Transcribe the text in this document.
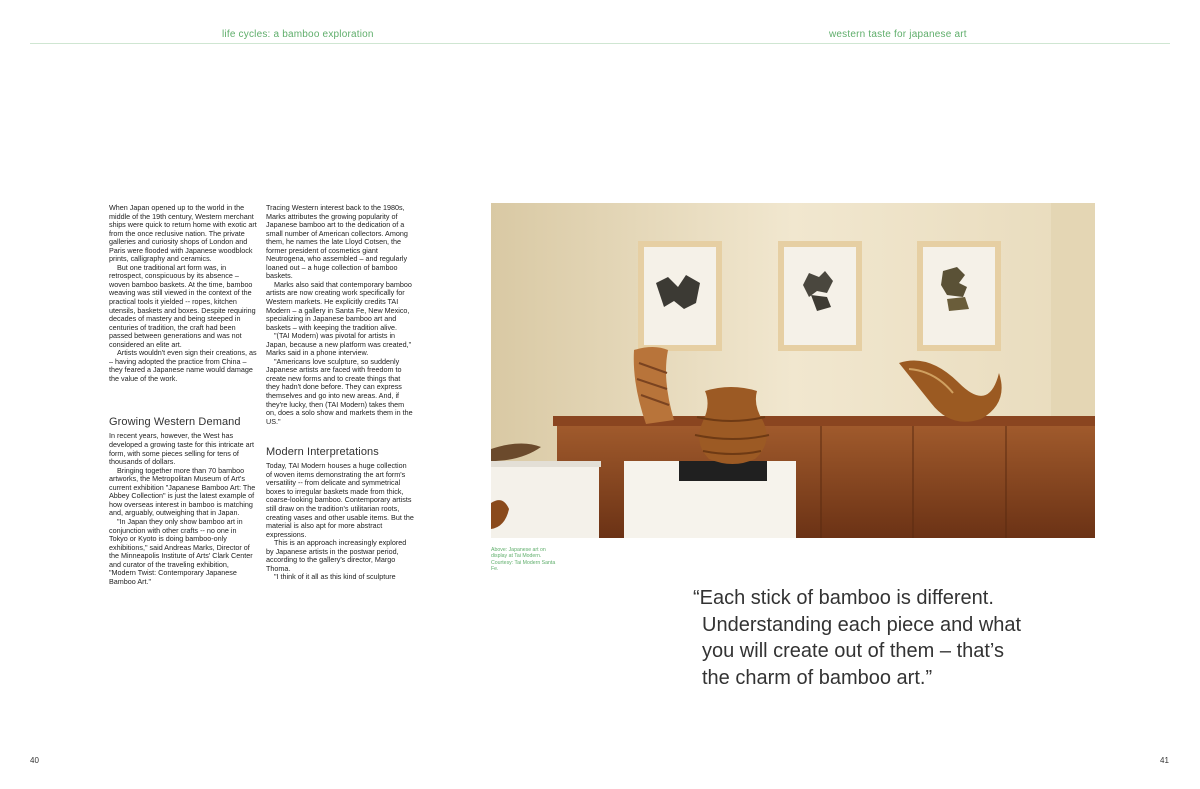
life cycles: a bamboo exploration	western taste for japanese art

When Japan opened up to the world in the middle of the 19th century, Western merchant ships were quick to return home with exotic art from the once reclusive nation. The private galleries and curiosity shops of London and Paris were flooded with Japanese woodblock prints, calligraphy and ceramics.

But one traditional art form was, in retrospect, conspicuous by its absence – woven bamboo baskets. At the time, bamboo weaving was still viewed in the context of the practical tools it yielded -- ropes, kitchen utensils, baskets and boxes. Despite requiring decades of mastery and being steeped in centuries of tradition, the craft had been passed between generations and was not considered an elite art.

Artists wouldn't even sign their creations, as – having adopted the practice from China – they feared a Japanese name would damage the value of the work.

Growing Western Demand

In recent years, however, the West has developed a growing taste for this intricate art form, with some pieces selling for tens of thousands of dollars.

Bringing together more than 70 bamboo artworks, the Metropolitan Museum of Art's current exhibition "Japanese Bamboo Art: The Abbey Collection" is just the latest example of how overseas interest in bamboo is matching and, arguably, outweighing that in Japan.

"In Japan they only show bamboo art in conjunction with other crafts -- no one in Tokyo or Kyoto is doing bamboo-only exhibitions," said Andreas Marks, Director of the Minneapolis Institute of Arts' Clark Center and curator of the traveling exhibition, "Modern Twist: Contemporary Japanese Bamboo Art."

Tracing Western interest back to the 1980s, Marks attributes the growing popularity of Japanese bamboo art to the dedication of a small number of American collectors. Among them, he names the late Lloyd Cotsen, the former president of cosmetics giant Neutrogena, who assembled – and regularly loaned out – a huge collection of bamboo baskets.

Marks also said that contemporary bamboo artists are now creating work specifically for Western markets. He explicitly credits TAI Modern – a gallery in Santa Fe, New Mexico, specializing in Japanese bamboo art and baskets – with keeping the tradition alive.

"(TAI Modern) was pivotal for artists in Japan, because a new platform was created," Marks said in a phone interview.

"Americans love sculpture, so suddenly Japanese artists are faced with freedom to create new forms and to create things that they hadn't done before. They can express themselves and go into new areas. And, if they're lucky, then (TAI Modern) takes them on, does a solo show and markets them in the US."

Modern Interpretations

Today, TAI Modern houses a huge collection of woven items demonstrating the art form's versatility -- from delicate and symmetrical boxes to irregular baskets made from thick, coarse-looking bamboo. Contemporary artists still draw on the tradition's utilitarian roots, creating vases and other usable items. But the material is also apt for more abstract expressions.

This is an approach increasingly explored by Japanese artists in the postwar period, according to the gallery's director, Margo Thoma.

"I think of it all as this kind of sculpture

Above: Japanese art on display at Tai Modern. Courtesy: Tai Modern Santa Fe.
“Each stick of bamboo is different.
Understanding each piece and what
you will create out of them – that’s
the charm of bamboo art.”
40	41
